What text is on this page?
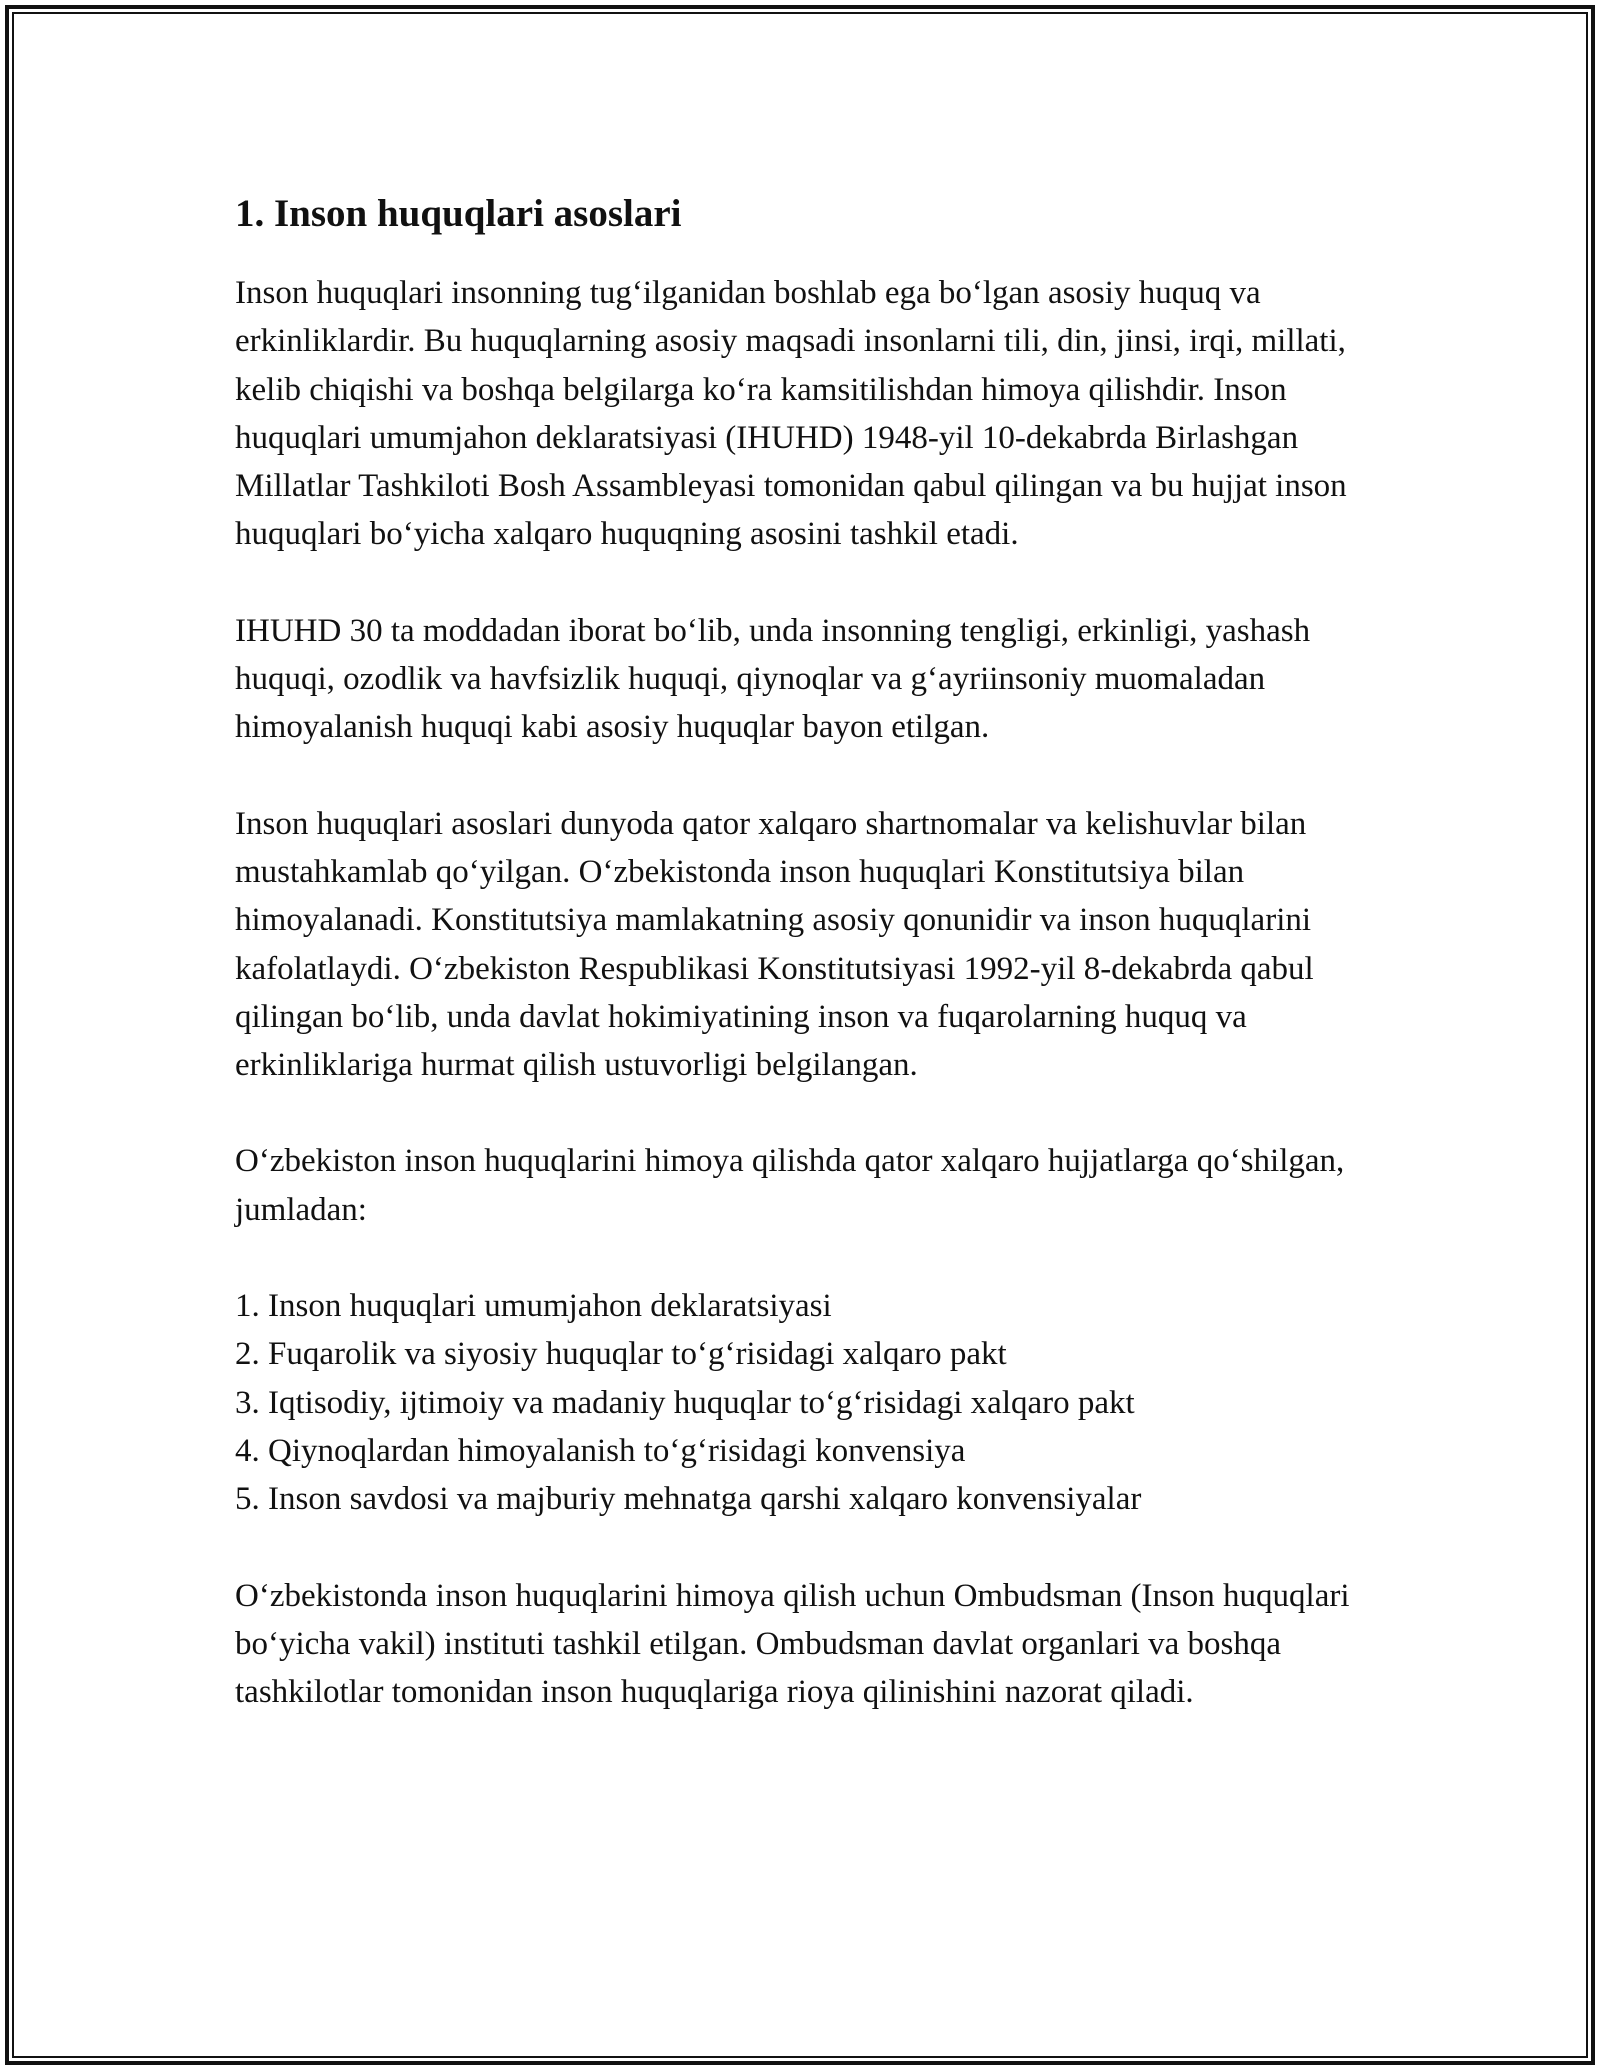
1. Inson huquqlari asoslari

Inson huquqlari insonning tug‘ilganidan boshlab ega bo‘lgan asosiy huquq va erkinliklardir. Bu huquqlarning asosiy maqsadi insonlarni tili, din, jinsi, irqi, millati, kelib chiqishi va boshqa belgilarga ko‘ra kamsitilishdan himoya qilishdir. Inson huquqlari umumjahon deklaratsiyasi (IHUHD) 1948-yil 10-dekabrda Birlashgan Millatlar Tashkiloti Bosh Assambleyasi tomonidan qabul qilingan va bu hujjat inson huquqlari bo‘yicha xalqaro huquqning asosini tashkil etadi.

IHUHD 30 ta moddadan iborat bo‘lib, unda insonning tengligi, erkinligi, yashash huquqi, ozodlik va havfsizlik huquqi, qiynoqlar va g‘ayriinsoniy muomaladan himoyalanish huquqi kabi asosiy huquqlar bayon etilgan.

Inson huquqlari asoslari dunyoda qator xalqaro shartnomalar va kelishuvlar bilan mustahkamlab qo‘yilgan. O‘zbekistonda inson huquqlari Konstitutsiya bilan himoyalanadi. Konstitutsiya mamlakatning asosiy qonunidir va inson huquqlarini kafolatlaydi. O‘zbekiston Respublikasi Konstitutsiyasi 1992-yil 8-dekabrda qabul qilingan bo‘lib, unda davlat hokimiyatining inson va fuqarolarning huquq va erkinliklariga hurmat qilish ustuvorligi belgilangan.

O‘zbekiston inson huquqlarini himoya qilishda qator xalqaro hujjatlarga qo‘shilgan, jumladan:

1. Inson huquqlari umumjahon deklaratsiyasi
2. Fuqarolik va siyosiy huquqlar to‘g‘risidagi xalqaro pakt
3. Iqtisodiy, ijtimoiy va madaniy huquqlar to‘g‘risidagi xalqaro pakt
4. Qiynoqlardan himoyalanish to‘g‘risidagi konvensiya
5. Inson savdosi va majburiy mehnatga qarshi xalqaro konvensiyalar

O‘zbekistonda inson huquqlarini himoya qilish uchun Ombudsman (Inson huquqlari bo‘yicha vakil) instituti tashkil etilgan. Ombudsman davlat organlari va boshqa tashkilotlar tomonidan inson huquqlariga rioya qilinishini nazorat qiladi.
